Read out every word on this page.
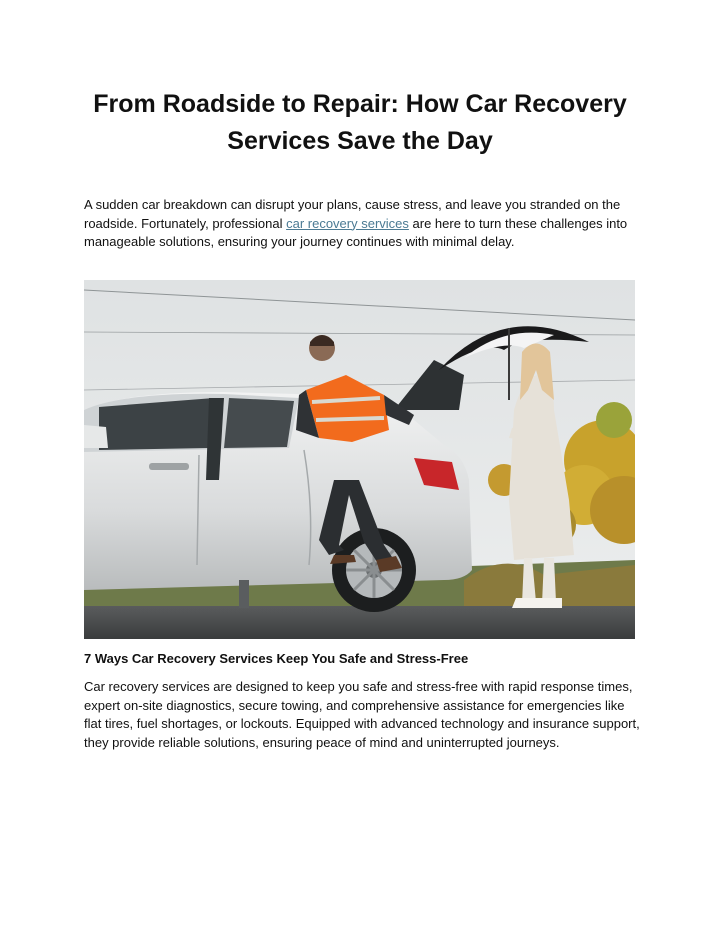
From Roadside to Repair: How Car Recovery Services Save the Day

A sudden car breakdown can disrupt your plans, cause stress, and leave you stranded on the roadside. Fortunately, professional car recovery services are here to turn these challenges into manageable solutions, ensuring your journey continues with minimal delay.

7 Ways Car Recovery Services Keep You Safe and Stress-Free

Car recovery services are designed to keep you safe and stress-free with rapid response times, expert on-site diagnostics, secure towing, and comprehensive assistance for emergencies like flat tires, fuel shortages, or lockouts. Equipped with advanced technology and insurance support, they provide reliable solutions, ensuring peace of mind and uninterrupted journeys.
